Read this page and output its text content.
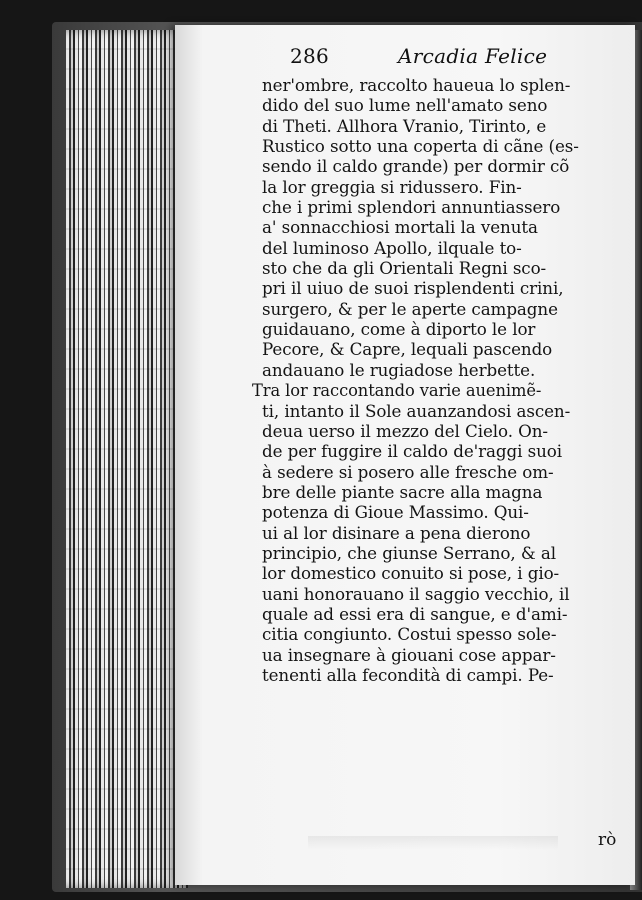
286	Arcadia Felice
ner'ombre, raccolto haueua lo splen-
dido del suo lume nell'amato seno
di Theti. Allhora Vranio, Tirinto, e
Rustico sotto una coperta di cãne (es-
sendo il caldo grande) per dormir cõ
la lor greggia si ridussero. Fin-
che i primi splendori annuntiassero
a' sonnacchiosi mortali la venuta
del luminoso Apollo, ilquale to-
sto che da gli Orientali Regni sco-
pri il uiuo de suoi risplendenti crini,
surgero, & per le aperte campagne
guidauano, come à diporto le lor
Pecore, & Capre, lequali pascendo
andauano le rugiadose herbette.
Tra lor raccontando varie auenimẽ-
ti, intanto il Sole auanzandosi ascen-
deua uerso il mezzo del Cielo. On-
de per fuggire il caldo de'raggi suoi
à sedere si posero alle fresche om-
bre delle piante sacre alla magna
potenza di Gioue Massimo. Qui-
ui al lor disinare a pena dierono
principio, che giunse Serrano, & al
lor domestico conuito si pose, i gio-
uani honorauano il saggio vecchio, il
quale ad essi era di sangue, e d'ami-
citia congiunto. Costui spesso sole-
ua insegnare à giouani cose appar-
tenenti alla fecondità di campi. Pe-
rò
